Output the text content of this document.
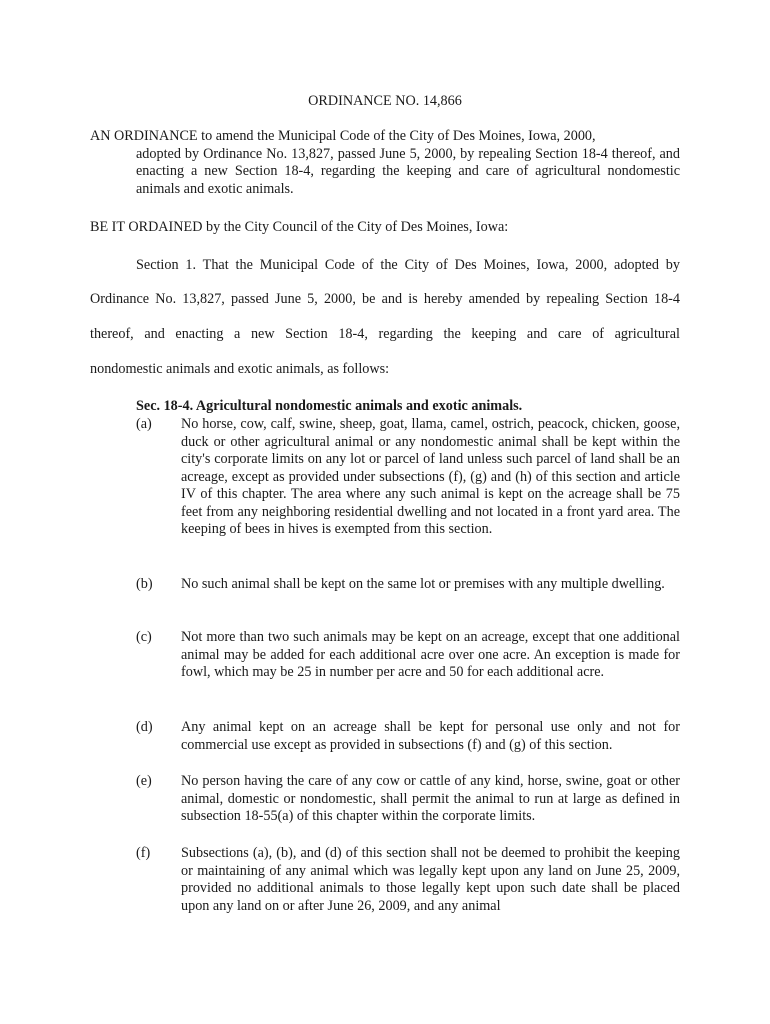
ORDINANCE NO. 14,866
AN ORDINANCE to amend the Municipal Code of the City of Des Moines, Iowa, 2000,
adopted by Ordinance No. 13,827, passed June 5, 2000, by repealing Section 18-4 thereof, and enacting a new Section 18-4, regarding the keeping and care of agricultural nondomestic animals and exotic animals.
BE IT ORDAINED by the City Council of the City of Des Moines, Iowa:
Section 1. That the Municipal Code of the City of Des Moines, Iowa, 2000, adopted by
Ordinance No. 13,827, passed June 5, 2000, be and is hereby amended by repealing Section 18-4
thereof, and enacting a new Section 18-4, regarding the keeping and care of agricultural
nondomestic animals and exotic animals, as follows:
Sec. 18-4. Agricultural nondomestic animals and exotic animals.
(a) No horse, cow, calf, swine, sheep, goat, llama, camel, ostrich, peacock, chicken, goose, duck or other agricultural animal or any nondomestic animal shall be kept within the city's corporate limits on any lot or parcel of land unless such parcel of land shall be an acreage, except as provided under subsections (f), (g) and (h) of this section and article IV of this chapter. The area where any such animal is kept on the acreage shall be 75 feet from any neighboring residential dwelling and not located in a front yard area. The keeping of bees in hives is exempted from this section.
(b) No such animal shall be kept on the same lot or premises with any multiple dwelling.
(c) Not more than two such animals may be kept on an acreage, except that one additional animal may be added for each additional acre over one acre. An exception is made for fowl, which may be 25 in number per acre and 50 for each additional acre.
(d) Any animal kept on an acreage shall be kept for personal use only and not for commercial use except as provided in subsections (f) and (g) of this section.
(e) No person having the care of any cow or cattle of any kind, horse, swine, goat or other animal, domestic or nondomestic, shall permit the animal to run at large as defined in subsection 18-55(a) of this chapter within the corporate limits.
(f) Subsections (a), (b), and (d) of this section shall not be deemed to prohibit the keeping or maintaining of any animal which was legally kept upon any land on June 25, 2009, provided no additional animals to those legally kept upon such date shall be placed upon any land on or after June 26, 2009, and any animal
